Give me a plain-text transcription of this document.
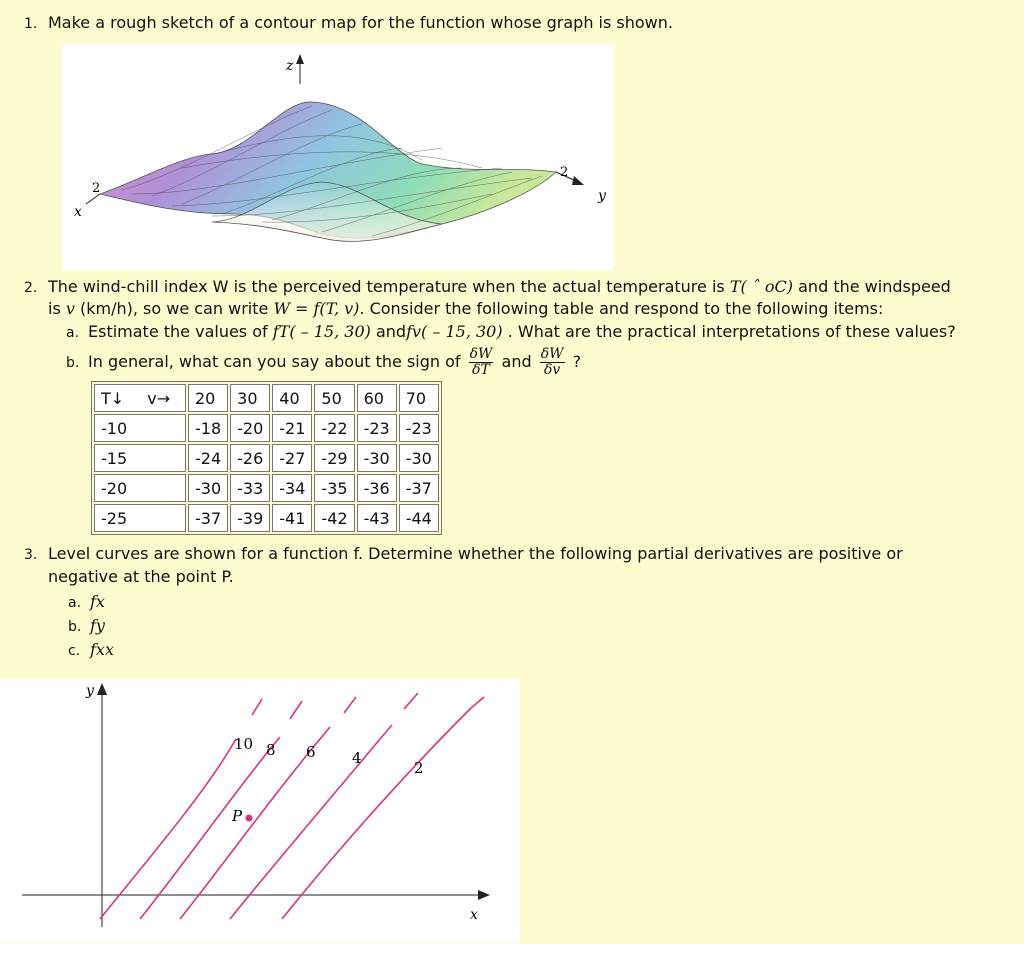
1. Make a rough sketch of a contour map for the function whose graph is shown.
z
x
2	y
2
2. The wind-chill index W is the perceived temperature when the actual temperature is T( ˆ oC) and the windspeed
is v (km/h), so we can write W = f(T, v). Consider the following table and respond to the following items:
a. Estimate the values of fT( – 15, 30) andfv( – 15, 30) . What are the practical interpretations of these values?
b. In general, what can you say about the sign of $\frac{\delta W}{\delta T}$ and $\frac{\delta W}{\delta v}$ ?
T↓ v→	20	30	40	50	60	70
-10	-18	-20	-21	-22	-23	-23
-15	-24	-26	-27	-29	-30	-30
-20	-30	-33	-34	-35	-36	-37
-25	-37	-39	-41	-42	-43	-44
3. Level curves are shown for a function f. Determine whether the following partial derivatives are positive or
negative at the point P.
a. fx
b. fy
c. fxx
y
x
10 8 6 4
2
P
